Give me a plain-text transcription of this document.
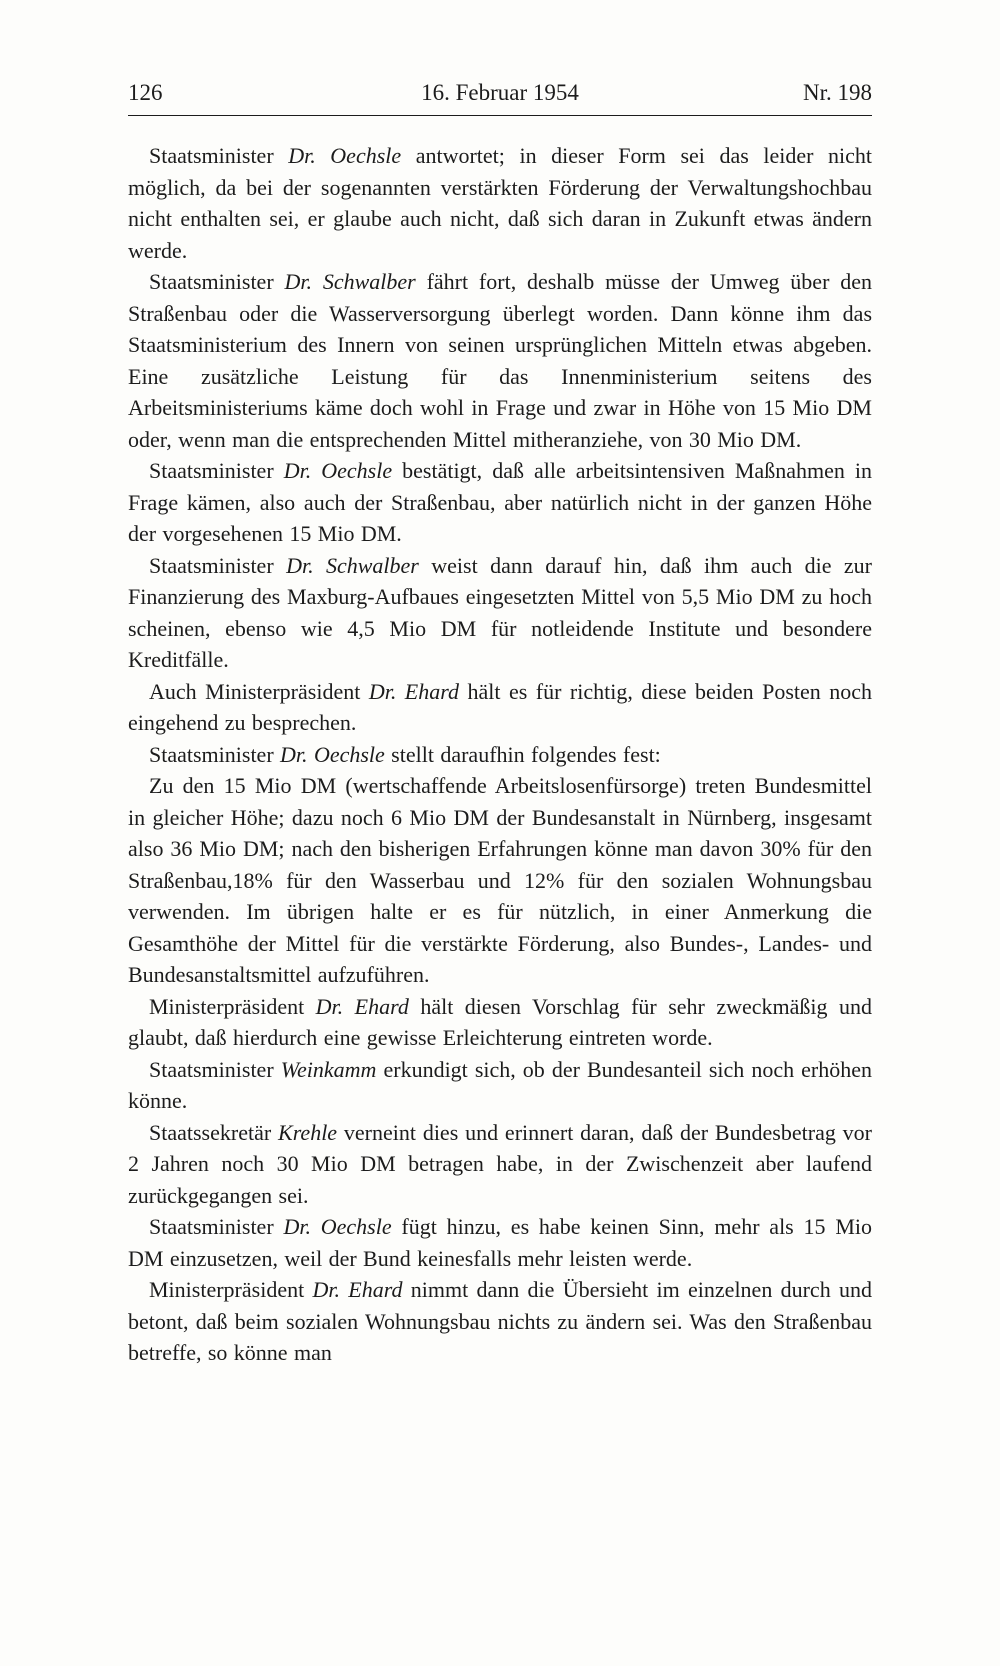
126	16. Februar 1954	Nr. 198

Staatsminister Dr. Oechsle antwortet; in dieser Form sei das leider nicht möglich, da bei der sogenannten verstärkten Förderung der Verwaltungshochbau nicht enthalten sei, er glaube auch nicht, daß sich daran in Zukunft etwas ändern werde.

Staatsminister Dr. Schwalber fährt fort, deshalb müsse der Umweg über den Straßenbau oder die Wasserversorgung überlegt worden. Dann könne ihm das Staatsministerium des Innern von seinen ursprünglichen Mitteln etwas abgeben. Eine zusätzliche Leistung für das Innenministerium seitens des Arbeitsministeriums käme doch wohl in Frage und zwar in Höhe von 15 Mio DM oder, wenn man die entsprechenden Mittel mitheranziehe, von 30 Mio DM.

Staatsminister Dr. Oechsle bestätigt, daß alle arbeitsintensiven Maßnahmen in Frage kämen, also auch der Straßenbau, aber natürlich nicht in der ganzen Höhe der vorgesehenen 15 Mio DM.

Staatsminister Dr. Schwalber weist dann darauf hin, daß ihm auch die zur Finanzierung des Maxburg-Aufbaues eingesetzten Mittel von 5,5 Mio DM zu hoch scheinen, ebenso wie 4,5 Mio DM für notleidende Institute und besondere Kreditfälle.

Auch Ministerpräsident Dr. Ehard hält es für richtig, diese beiden Posten noch eingehend zu besprechen.

Staatsminister Dr. Oechsle stellt daraufhin folgendes fest:

Zu den 15 Mio DM (wertschaffende Arbeitslosenfürsorge) treten Bundesmittel in gleicher Höhe; dazu noch 6 Mio DM der Bundesanstalt in Nürnberg, insgesamt also 36 Mio DM; nach den bisherigen Erfahrungen könne man davon 30% für den Straßenbau,18% für den Wasserbau und 12% für den sozialen Wohnungsbau verwenden. Im übrigen halte er es für nützlich, in einer Anmerkung die Gesamthöhe der Mittel für die verstärkte Förderung, also Bundes-, Landes- und Bundesanstaltsmittel aufzuführen.

Ministerpräsident Dr. Ehard hält diesen Vorschlag für sehr zweckmäßig und glaubt, daß hierdurch eine gewisse Erleichterung eintreten worde.

Staatsminister Weinkamm erkundigt sich, ob der Bundesanteil sich noch erhöhen könne.

Staatssekretär Krehle verneint dies und erinnert daran, daß der Bundesbetrag vor 2 Jahren noch 30 Mio DM betragen habe, in der Zwischenzeit aber laufend zurückgegangen sei.

Staatsminister Dr. Oechsle fügt hinzu, es habe keinen Sinn, mehr als 15 Mio DM einzusetzen, weil der Bund keinesfalls mehr leisten werde.

Ministerpräsident Dr. Ehard nimmt dann die Übersieht im einzelnen durch und betont, daß beim sozialen Wohnungsbau nichts zu ändern sei. Was den Straßenbau betreffe, so könne man
